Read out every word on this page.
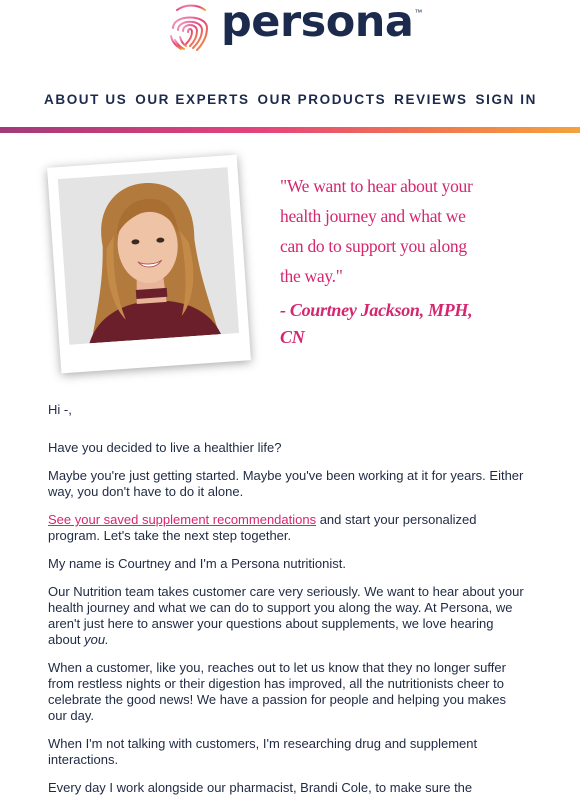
persona ™
ABOUT US OUR EXPERTS OUR PRODUCTS REVIEWS SIGN IN
"We want to hear about your health journey and what we can do to support you along the way."
- Courtney Jackson, MPH, CN

Hi -,

Have you decided to live a healthier life?

Maybe you're just getting started. Maybe you've been working at it for years. Either way, you don't have to do it alone.

See your saved supplement recommendations and start your personalized program. Let's take the next step together.

My name is Courtney and I'm a Persona nutritionist.

Our Nutrition team takes customer care very seriously. We want to hear about your health journey and what we can do to support you along the way. At Persona, we aren't just here to answer your questions about supplements, we love hearing about you.

When a customer, like you, reaches out to let us know that they no longer suffer from restless nights or their digestion has improved, all the nutritionists cheer to celebrate the good news! We have a passion for people and helping you makes our day.

When I'm not talking with customers, I'm researching drug and supplement interactions.

Every day I work alongside our pharmacist, Brandi Cole, to make sure the
